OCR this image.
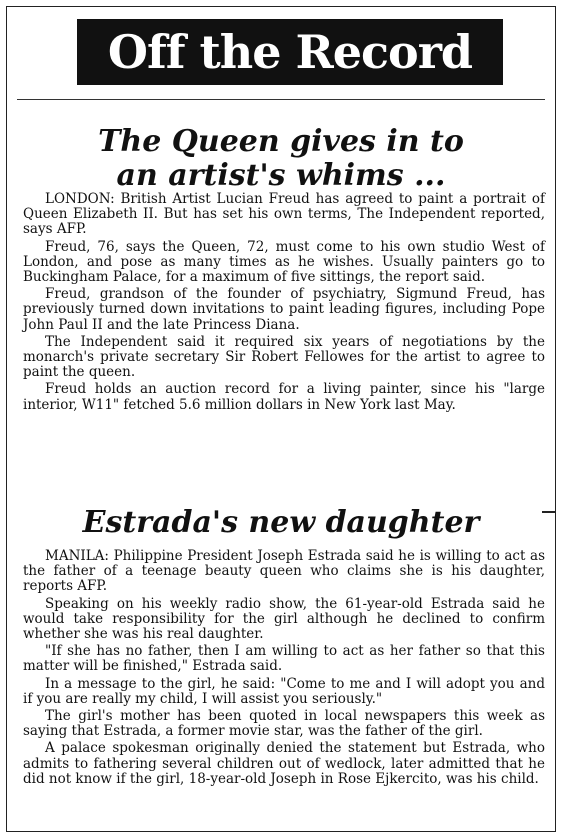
Off the Record
The Queen gives in to
an artist's whims ...

LONDON: British Artist Lucian Freud has agreed to paint a portrait of Queen Elizabeth II. But has set his own terms, The Independent reported, says AFP.

Freud, 76, says the Queen, 72, must come to his own studio West of London, and pose as many times as he wishes. Usually painters go to Buckingham Palace, for a maximum of five sittings, the report said.

Freud, grandson of the founder of psychiatry, Sigmund Freud, has previously turned down invitations to paint leading figures, including Pope John Paul II and the late Princess Diana.

The Independent said it required six years of negotiations by the monarch's private secretary Sir Robert Fellowes for the artist to agree to paint the queen.

Freud holds an auction record for a living painter, since his "large interior, W11" fetched 5.6 million dollars in New York last May.

Estrada's new daughter

MANILA: Philippine President Joseph Estrada said he is willing to act as the father of a teenage beauty queen who claims she is his daughter, reports AFP.

Speaking on his weekly radio show, the 61-year-old Estrada said he would take responsibility for the girl although he declined to confirm whether she was his real daughter.

"If she has no father, then I am willing to act as her father so that this matter will be finished," Estrada said.

In a message to the girl, he said: "Come to me and I will adopt you and if you are really my child, I will assist you seriously."

The girl's mother has been quoted in local newspapers this week as saying that Estrada, a former movie star, was the father of the girl.

A palace spokesman originally denied the statement but Estrada, who admits to fathering several children out of wedlock, later admitted that he did not know if the girl, 18-year-old Joseph in Rose Ejkercito, was his child.
